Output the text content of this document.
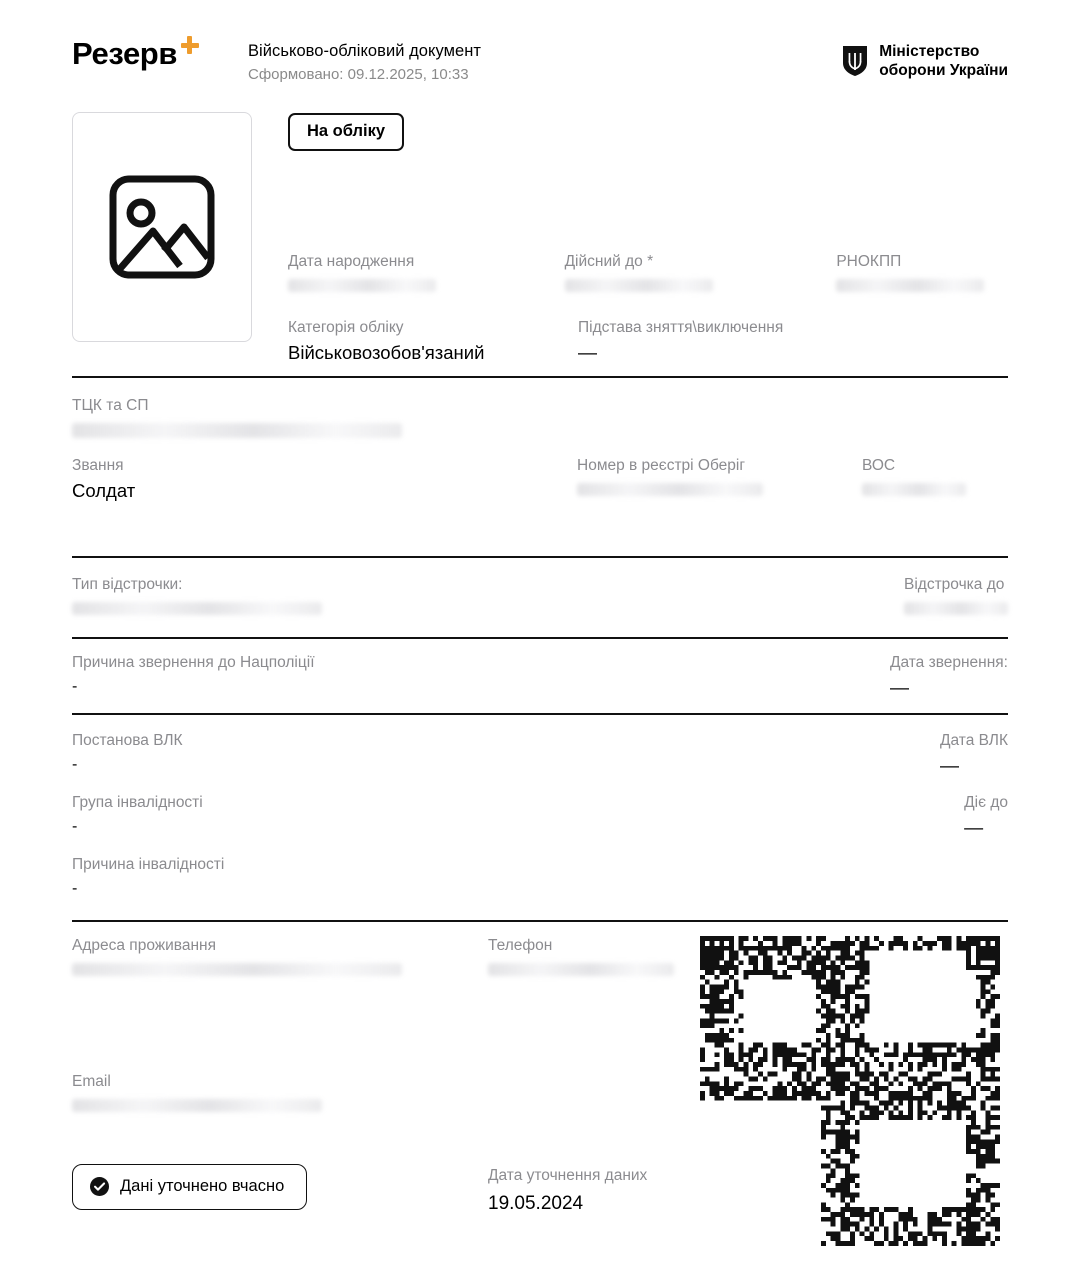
Резерв	Військово-обліковий документ
Сформовано: 09.12.2025, 10:33
Міністерство
оборони України
На обліку
Дата народження	Дійсний до *	РНОКПП
Категорія обліку
Військовозобов'язаний
Підстава зняття\виключення
—
ТЦК та СП
Звання
Солдат
Номер в реєстрі Оберіг	ВОС
Тип відстрочки:	Відстрочка до
Причина звернення до Нацполіції
-
Дата звернення:
—
Постанова ВЛК
-
Дата ВЛК
—
Група інвалідності
-
Діє до
—
Причина інвалідності
-
Адреса проживання	Телефон
Email
Дані уточнено вчасно
Дата уточнення даних
19.05.2024
